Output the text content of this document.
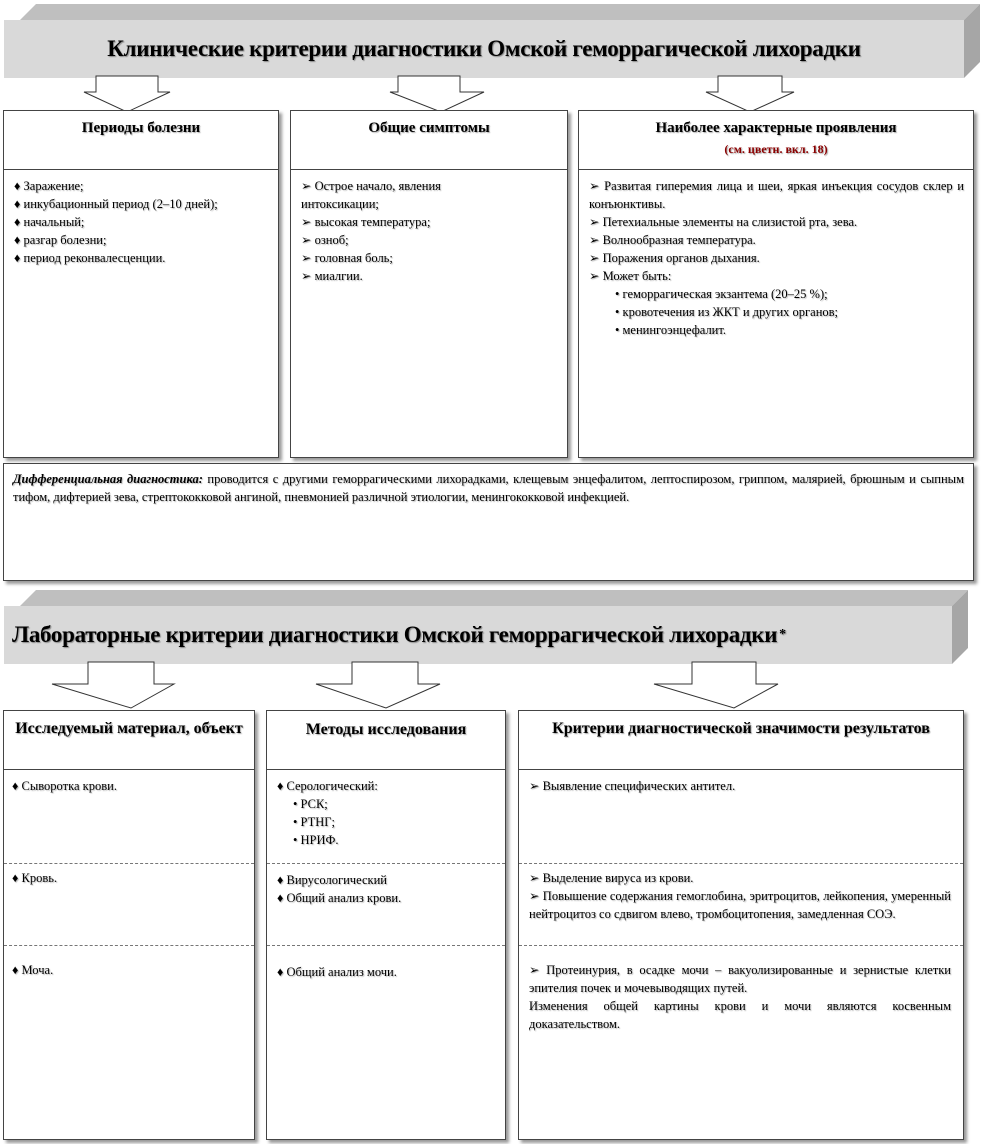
Клинические критерии диагностики Омской геморрагической лихорадки
Периоды болезни

♦ Заражение;

♦ инкубационный период (2–10 дней);

♦ начальный;

♦ разгар болезни;

♦ период реконвалесценции.

Общие симптомы

➢ Острое начало, явления интоксикации;

➢ высокая температура;

➢ озноб;

➢ головная боль;

➢ миалгии.

Наиболее характерные проявления
(см. цветн. вкл. 18)

➢ Развитая гиперемия лица и шеи, яркая инъекция сосудов склер и конъюнктивы.

➢ Петехиальные элементы на слизистой рта, зева.

➢ Волнообразная температура.

➢ Поражения органов дыхания.

➢ Может быть:

• геморрагическая экзантема (20–25 %);

• кровотечения из ЖКТ и других органов;

• менингоэнцефалит.

Дифференциальная диагностика: проводится с другими геморрагическими лихорадками, клещевым энцефалитом, лептоспирозом, гриппом, малярией, брюшным и сыпным тифом, дифтерией зева, стрептококковой ангиной, пневмонией различной этиологии, менингококковой инфекцией.
Лабораторные критерии диагностики Омской геморрагической лихорадки *
Исследуемый материал, объект
♦ Сыворотка крови.
♦ Кровь.
♦ Моча.
Методы исследования

♦ Серологический:

• РСК;

• РТНГ;

• НРИФ.

♦ Вирусологический

♦ Общий анализ крови.

♦ Общий анализ мочи.

Критерии диагностической значимости результатов

➢ Выявление специфических антител.

➢ Выделение вируса из крови.

➢ Повышение содержания гемоглобина, эритроцитов, лейкопения, умеренный нейтроцитоз со сдвигом влево, тромбоцитопения, замедленная СОЭ.

➢ Протеинурия, в осадке мочи – вакуолизированные и зернистые клетки эпителия почек и мочевыводящих путей.

Изменения общей картины крови и мочи являются косвенным доказательством.
